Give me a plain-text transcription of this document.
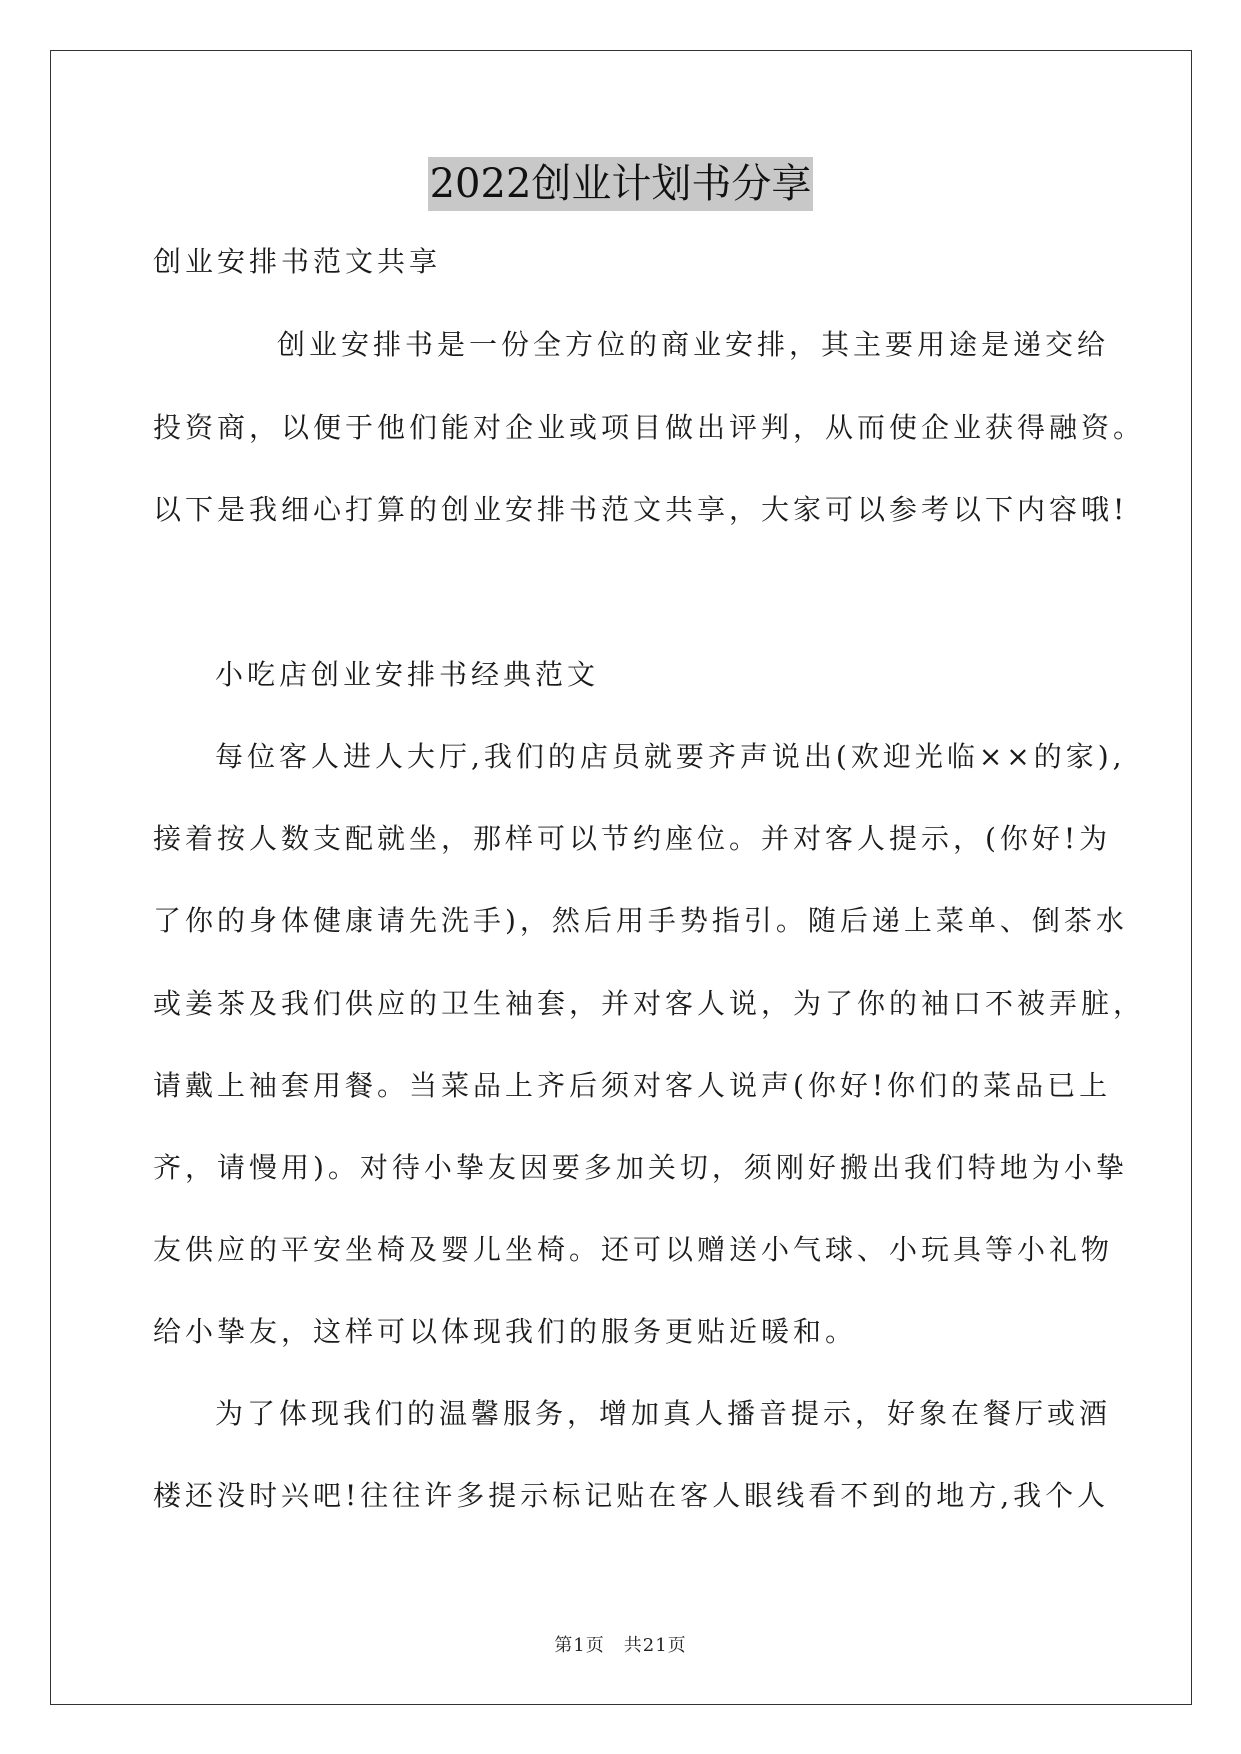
2022创业计划书分享
创业安排书范文共享
创业安排书是一份全方位的商业安排，其主要用途是递交给
投资商，以便于他们能对企业或项目做出评判，从而使企业获得融资。
以下是我细心打算的创业安排书范文共享，大家可以参考以下内容哦!
小吃店创业安排书经典范文
每位客人进人大厅,我们的店员就要齐声说出(欢迎光临××的家),
接着按人数支配就坐，那样可以节约座位。并对客人提示，(你好!为
了你的身体健康请先洗手)，然后用手势指引。随后递上菜单、倒茶水
或姜茶及我们供应的卫生袖套，并对客人说，为了你的袖口不被弄脏，
请戴上袖套用餐。当菜品上齐后须对客人说声(你好!你们的菜品已上
齐，请慢用)。对待小挚友因要多加关切，须刚好搬出我们特地为小挚
友供应的平安坐椅及婴儿坐椅。还可以赠送小气球、小玩具等小礼物
给小挚友，这样可以体现我们的服务更贴近暖和。
为了体现我们的温馨服务，增加真人播音提示，好象在餐厅或酒
楼还没时兴吧!往往许多提示标记贴在客人眼线看不到的地方,我个人
第1页　共21页
